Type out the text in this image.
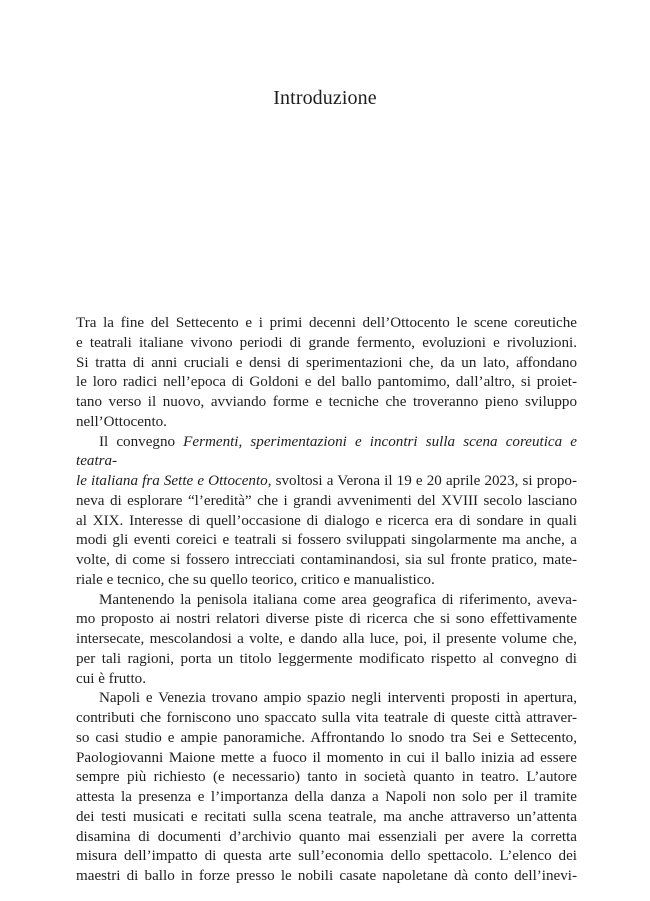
Introduzione

Tra la fine del Settecento e i primi decenni dell’Ottocento le scene coreutiche
e teatrali italiane vivono periodi di grande fermento, evoluzioni e rivoluzioni.
Si tratta di anni cruciali e densi di sperimentazioni che, da un lato, affondano
le loro radici nell’epoca di Goldoni e del ballo pantomimo, dall’altro, si proiet-
tano verso il nuovo, avviando forme e tecniche che troveranno pieno sviluppo
nell’Ottocento.

Il convegno Fermenti, sperimentazioni e incontri sulla scena coreutica e teatra-
le italiana fra Sette e Ottocento, svoltosi a Verona il 19 e 20 aprile 2023, si propo-
neva di esplorare “l’eredità” che i grandi avvenimenti del XVIII secolo lasciano
al XIX. Interesse di quell’occasione di dialogo e ricerca era di sondare in quali
modi gli eventi coreici e teatrali si fossero sviluppati singolarmente ma anche, a
volte, di come si fossero intrecciati contaminandosi, sia sul fronte pratico, mate-
riale e tecnico, che su quello teorico, critico e manualistico.

Mantenendo la penisola italiana come area geografica di riferimento, aveva-
mo proposto ai nostri relatori diverse piste di ricerca che si sono effettivamente
intersecate, mescolandosi a volte, e dando alla luce, poi, il presente volume che,
per tali ragioni, porta un titolo leggermente modificato rispetto al convegno di
cui è frutto.

Napoli e Venezia trovano ampio spazio negli interventi proposti in apertura,
contributi che forniscono uno spaccato sulla vita teatrale di queste città attraver-
so casi studio e ampie panoramiche. Affrontando lo snodo tra Sei e Settecento,
Paologiovanni Maione mette a fuoco il momento in cui il ballo inizia ad essere
sempre più richiesto (e necessario) tanto in società quanto in teatro. L’autore
attesta la presenza e l’importanza della danza a Napoli non solo per il tramite
dei testi musicati e recitati sulla scena teatrale, ma anche attraverso un’attenta
disamina di documenti d’archivio quanto mai essenziali per avere la corretta
misura dell’impatto di questa arte sull’economia dello spettacolo. L’elenco dei
maestri di ballo in forze presso le nobili casate napoletane dà conto dell’inevi-
